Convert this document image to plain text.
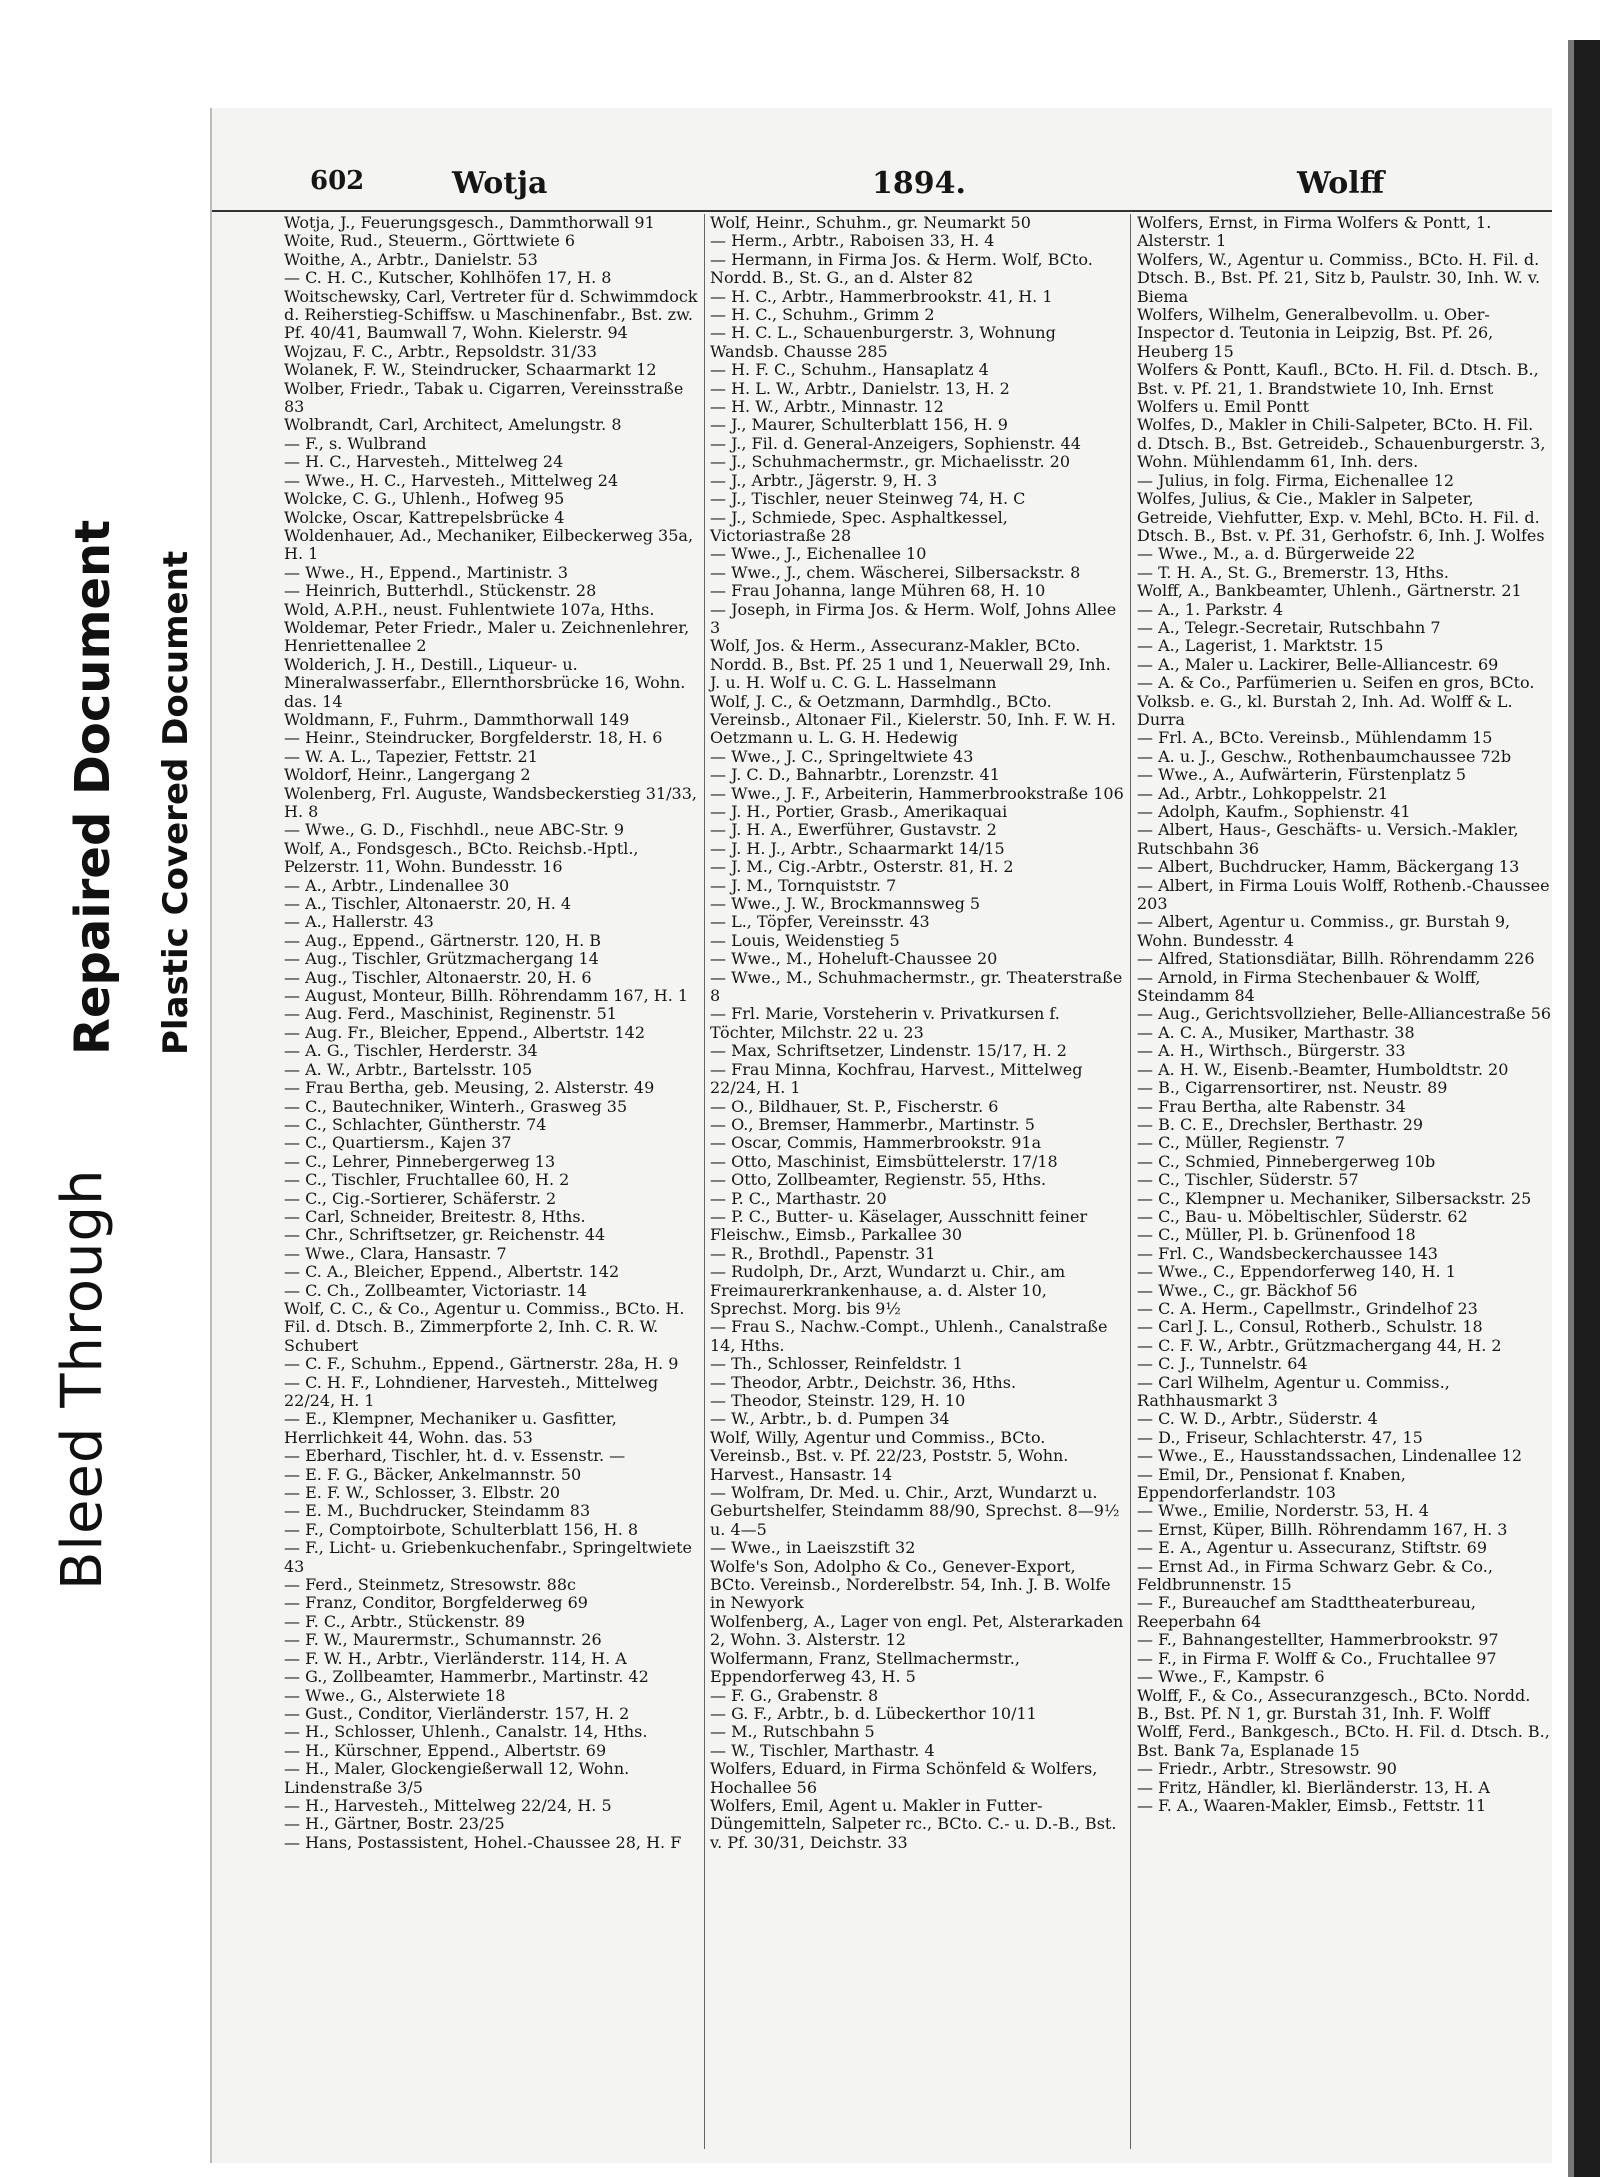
Bleed Through
Repaired Document Plastic Covered Document
602	Wotja	1894.	Wolff
Wotja, J., Feuerungsgesch., Dammthorwall 91
Woite, Rud., Steuerm., Görttwiete 6
Woithe, A., Arbtr., Danielstr. 53
— C. H. C., Kutscher, Kohlhöfen 17, H. 8
Woitschewsky, Carl, Vertreter für d. Schwimmdock d. Reiherstieg-Schiffsw. u Maschinenfabr., Bst. zw. Pf. 40/41, Baumwall 7, Wohn. Kielerstr. 94
Wojzau, F. C., Arbtr., Repsoldstr. 31/33
Wolanek, F. W., Steindrucker, Schaarmarkt 12
Wolber, Friedr., Tabak u. Cigarren, Vereinsstraße 83
Wolbrandt, Carl, Architect, Amelungstr. 8
— F., s. Wulbrand
— H. C., Harvesteh., Mittelweg 24
— Wwe., H. C., Harvesteh., Mittelweg 24
Wolcke, C. G., Uhlenh., Hofweg 95
Wolcke, Oscar, Kattrepelsbrücke 4
Woldenhauer, Ad., Mechaniker, Eilbeckerweg 35a, H. 1
— Wwe., H., Eppend., Martinistr. 3
— Heinrich, Butterhdl., Stückenstr. 28
Wold, A.P.H., neust. Fuhlentwiete 107a, Hths.
Woldemar, Peter Friedr., Maler u. Zeichnenlehrer, Henriettenallee 2
Wolderich, J. H., Destill., Liqueur- u. Mineralwasserfabr., Ellernthorsbrücke 16, Wohn. das. 14
Woldmann, F., Fuhrm., Dammthorwall 149
— Heinr., Steindrucker, Borgfelderstr. 18, H. 6
— W. A. L., Tapezier, Fettstr. 21
Woldorf, Heinr., Langergang 2
Wolenberg, Frl. Auguste, Wandsbeckerstieg 31/33, H. 8
— Wwe., G. D., Fischhdl., neue ABC-Str. 9
Wolf, A., Fondsgesch., BCto. Reichsb.-Hptl., Pelzerstr. 11, Wohn. Bundesstr. 16
— A., Arbtr., Lindenallee 30
— A., Tischler, Altonaerstr. 20, H. 4
— A., Hallerstr. 43
— Aug., Eppend., Gärtnerstr. 120, H. B
— Aug., Tischler, Grützmachergang 14
— Aug., Tischler, Altonaerstr. 20, H. 6
— August, Monteur, Billh. Röhrendamm 167, H. 1
— Aug. Ferd., Maschinist, Reginenstr. 51
— Aug. Fr., Bleicher, Eppend., Albertstr. 142
— A. G., Tischler, Herderstr. 34
— A. W., Arbtr., Bartelsstr. 105
— Frau Bertha, geb. Meusing, 2. Alsterstr. 49
— C., Bautechniker, Winterh., Grasweg 35
— C., Schlachter, Güntherstr. 74
— C., Quartiersm., Kajen 37
— C., Lehrer, Pinnebergerweg 13
— C., Tischler, Fruchtallee 60, H. 2
— C., Cig.-Sortierer, Schäferstr. 2
— Carl, Schneider, Breitestr. 8, Hths.
— Chr., Schriftsetzer, gr. Reichenstr. 44
— Wwe., Clara, Hansastr. 7
— C. A., Bleicher, Eppend., Albertstr. 142
— C. Ch., Zollbeamter, Victoriastr. 14
Wolf, C. C., & Co., Agentur u. Commiss., BCto. H. Fil. d. Dtsch. B., Zimmerpforte 2, Inh. C. R. W. Schubert
— C. F., Schuhm., Eppend., Gärtnerstr. 28a, H. 9
— C. H. F., Lohndiener, Harvesteh., Mittelweg 22/24, H. 1
— E., Klempner, Mechaniker u. Gasfitter, Herrlichkeit 44, Wohn. das. 53
— Eberhard, Tischler, ht. d. v. Essenstr. —
— E. F. G., Bäcker, Ankelmannstr. 50
— E. F. W., Schlosser, 3. Elbstr. 20
— E. M., Buchdrucker, Steindamm 83
— F., Comptoirbote, Schulterblatt 156, H. 8
— F., Licht- u. Griebenkuchenfabr., Springeltwiete 43
— Ferd., Steinmetz, Stresowstr. 88c
— Franz, Conditor, Borgfelderweg 69
— F. C., Arbtr., Stückenstr. 89
— F. W., Maurermstr., Schumannstr. 26
— F. W. H., Arbtr., Vierländerstr. 114, H. A
— G., Zollbeamter, Hammerbr., Martinstr. 42
— Wwe., G., Alsterwiete 18
— Gust., Conditor, Vierländerstr. 157, H. 2
— H., Schlosser, Uhlenh., Canalstr. 14, Hths.
— H., Kürschner, Eppend., Albertstr. 69
— H., Maler, Glockengießerwall 12, Wohn. Lindenstraße 3/5
— H., Harvesteh., Mittelweg 22/24, H. 5
— H., Gärtner, Bostr. 23/25
— Hans, Postassistent, Hohel.-Chaussee 28, H. F
Wolf, Heinr., Schuhm., gr. Neumarkt 50
— Herm., Arbtr., Raboisen 33, H. 4
— Hermann, in Firma Jos. & Herm. Wolf, BCto. Nordd. B., St. G., an d. Alster 82
— H. C., Arbtr., Hammerbrookstr. 41, H. 1
— H. C., Schuhm., Grimm 2
— H. C. L., Schauenburgerstr. 3, Wohnung Wandsb. Chausse 285
— H. F. C., Schuhm., Hansaplatz 4
— H. L. W., Arbtr., Danielstr. 13, H. 2
— H. W., Arbtr., Minnastr. 12
— J., Maurer, Schulterblatt 156, H. 9
— J., Fil. d. General-Anzeigers, Sophienstr. 44
— J., Schuhmachermstr., gr. Michaelisstr. 20
— J., Arbtr., Jägerstr. 9, H. 3
— J., Tischler, neuer Steinweg 74, H. C
— J., Schmiede, Spec. Asphaltkessel, Victoriastraße 28
— Wwe., J., Eichenallee 10
— Wwe., J., chem. Wäscherei, Silbersackstr. 8
— Frau Johanna, lange Mühren 68, H. 10
— Joseph, in Firma Jos. & Herm. Wolf, Johns Allee 3
Wolf, Jos. & Herm., Assecuranz-Makler, BCto. Nordd. B., Bst. Pf. 25 1 und 1, Neuerwall 29, Inh. J. u. H. Wolf u. C. G. L. Hasselmann
Wolf, J. C., & Oetzmann, Darmhdlg., BCto. Vereinsb., Altonaer Fil., Kielerstr. 50, Inh. F. W. H. Oetzmann u. L. G. H. Hedewig
— Wwe., J. C., Springeltwiete 43
— J. C. D., Bahnarbtr., Lorenzstr. 41
— Wwe., J. F., Arbeiterin, Hammerbrookstraße 106
— J. H., Portier, Grasb., Amerikaquai
— J. H. A., Ewerführer, Gustavstr. 2
— J. H. J., Arbtr., Schaarmarkt 14/15
— J. M., Cig.-Arbtr., Osterstr. 81, H. 2
— J. M., Tornquiststr. 7
— Wwe., J. W., Brockmannsweg 5
— L., Töpfer, Vereinsstr. 43
— Louis, Weidenstieg 5
— Wwe., M., Hoheluft-Chaussee 20
— Wwe., M., Schuhmachermstr., gr. Theaterstraße 8
— Frl. Marie, Vorsteherin v. Privatkursen f. Töchter, Milchstr. 22 u. 23
— Max, Schriftsetzer, Lindenstr. 15/17, H. 2
— Frau Minna, Kochfrau, Harvest., Mittelweg 22/24, H. 1
— O., Bildhauer, St. P., Fischerstr. 6
— O., Bremser, Hammerbr., Martinstr. 5
— Oscar, Commis, Hammerbrookstr. 91a
— Otto, Maschinist, Eimsbüttelerstr. 17/18
— Otto, Zollbeamter, Regienstr. 55, Hths.
— P. C., Marthastr. 20
— P. C., Butter- u. Käselager, Ausschnitt feiner Fleischw., Eimsb., Parkallee 30
— R., Brothdl., Papenstr. 31
— Rudolph, Dr., Arzt, Wundarzt u. Chir., am Freimaurerkrankenhause, a. d. Alster 10, Sprechst. Morg. bis 9½
— Frau S., Nachw.-Compt., Uhlenh., Canalstraße 14, Hths.
— Th., Schlosser, Reinfeldstr. 1
— Theodor, Arbtr., Deichstr. 36, Hths.
— Theodor, Steinstr. 129, H. 10
— W., Arbtr., b. d. Pumpen 34
Wolf, Willy, Agentur und Commiss., BCto. Vereinsb., Bst. v. Pf. 22/23, Poststr. 5, Wohn. Harvest., Hansastr. 14
— Wolfram, Dr. Med. u. Chir., Arzt, Wundarzt u. Geburtshelfer, Steindamm 88/90, Sprechst. 8—9½ u. 4—5
— Wwe., in Laeiszstift 32
Wolfe's Son, Adolpho & Co., Genever-Export, BCto. Vereinsb., Norderelbstr. 54, Inh. J. B. Wolfe in Newyork
Wolfenberg, A., Lager von engl. Pet, Alsterarkaden 2, Wohn. 3. Alsterstr. 12
Wolfermann, Franz, Stellmachermstr., Eppendorferweg 43, H. 5
— F. G., Grabenstr. 8
— G. F., Arbtr., b. d. Lübeckerthor 10/11
— M., Rutschbahn 5
— W., Tischler, Marthastr. 4
Wolfers, Eduard, in Firma Schönfeld & Wolfers, Hochallee 56
Wolfers, Emil, Agent u. Makler in Futter-Düngemitteln, Salpeter rc., BCto. C.- u. D.-B., Bst. v. Pf. 30/31, Deichstr. 33
Wolfers, Ernst, in Firma Wolfers & Pontt, 1. Alsterstr. 1
Wolfers, W., Agentur u. Commiss., BCto. H. Fil. d. Dtsch. B., Bst. Pf. 21, Sitz b, Paulstr. 30, Inh. W. v. Biema
Wolfers, Wilhelm, Generalbevollm. u. Ober-Inspector d. Teutonia in Leipzig, Bst. Pf. 26, Heuberg 15
Wolfers & Pontt, Kaufl., BCto. H. Fil. d. Dtsch. B., Bst. v. Pf. 21, 1. Brandstwiete 10, Inh. Ernst Wolfers u. Emil Pontt
Wolfes, D., Makler in Chili-Salpeter, BCto. H. Fil. d. Dtsch. B., Bst. Getreideb., Schauenburgerstr. 3, Wohn. Mühlendamm 61, Inh. ders.
— Julius, in folg. Firma, Eichenallee 12
Wolfes, Julius, & Cie., Makler in Salpeter, Getreide, Viehfutter, Exp. v. Mehl, BCto. H. Fil. d. Dtsch. B., Bst. v. Pf. 31, Gerhofstr. 6, Inh. J. Wolfes
— Wwe., M., a. d. Bürgerweide 22
— T. H. A., St. G., Bremerstr. 13, Hths.
Wolff, A., Bankbeamter, Uhlenh., Gärtnerstr. 21
— A., 1. Parkstr. 4
— A., Telegr.-Secretair, Rutschbahn 7
— A., Lagerist, 1. Marktstr. 15
— A., Maler u. Lackirer, Belle-Alliancestr. 69
— A. & Co., Parfümerien u. Seifen en gros, BCto. Volksb. e. G., kl. Burstah 2, Inh. Ad. Wolff & L. Durra
— Frl. A., BCto. Vereinsb., Mühlendamm 15
— A. u. J., Geschw., Rothenbaumchaussee 72b
— Wwe., A., Aufwärterin, Fürstenplatz 5
— Ad., Arbtr., Lohkoppelstr. 21
— Adolph, Kaufm., Sophienstr. 41
— Albert, Haus-, Geschäfts- u. Versich.-Makler, Rutschbahn 36
— Albert, Buchdrucker, Hamm, Bäckergang 13
— Albert, in Firma Louis Wolff, Rothenb.-Chaussee 203
— Albert, Agentur u. Commiss., gr. Burstah 9, Wohn. Bundesstr. 4
— Alfred, Stationsdiätar, Billh. Röhrendamm 226
— Arnold, in Firma Stechenbauer & Wolff, Steindamm 84
— Aug., Gerichtsvollzieher, Belle-Alliancestraße 56
— A. C. A., Musiker, Marthastr. 38
— A. H., Wirthsch., Bürgerstr. 33
— A. H. W., Eisenb.-Beamter, Humboldtstr. 20
— B., Cigarrensortirer, nst. Neustr. 89
— Frau Bertha, alte Rabenstr. 34
— B. C. E., Drechsler, Berthastr. 29
— C., Müller, Regienstr. 7
— C., Schmied, Pinnebergerweg 10b
— C., Tischler, Süderstr. 57
— C., Klempner u. Mechaniker, Silbersackstr. 25
— C., Bau- u. Möbeltischler, Süderstr. 62
— C., Müller, Pl. b. Grünenfood 18
— Frl. C., Wandsbeckerchaussee 143
— Wwe., C., Eppendorferweg 140, H. 1
— Wwe., C., gr. Bäckhof 56
— C. A. Herm., Capellmstr., Grindelhof 23
— Carl J. L., Consul, Rotherb., Schulstr. 18
— C. F. W., Arbtr., Grützmachergang 44, H. 2
— C. J., Tunnelstr. 64
— Carl Wilhelm, Agentur u. Commiss., Rathhausmarkt 3
— C. W. D., Arbtr., Süderstr. 4
— D., Friseur, Schlachterstr. 47, 15
— Wwe., E., Hausstandssachen, Lindenallee 12
— Emil, Dr., Pensionat f. Knaben, Eppendorferlandstr. 103
— Wwe., Emilie, Norderstr. 53, H. 4
— Ernst, Küper, Billh. Röhrendamm 167, H. 3
— E. A., Agentur u. Assecuranz, Stiftstr. 69
— Ernst Ad., in Firma Schwarz Gebr. & Co., Feldbrunnenstr. 15
— F., Bureauchef am Stadttheaterbureau, Reeperbahn 64
— F., Bahnangestellter, Hammerbrookstr. 97
— F., in Firma F. Wolff & Co., Fruchtallee 97
— Wwe., F., Kampstr. 6
Wolff, F., & Co., Assecuranzgesch., BCto. Nordd. B., Bst. Pf. N 1, gr. Burstah 31, Inh. F. Wolff
Wolff, Ferd., Bankgesch., BCto. H. Fil. d. Dtsch. B., Bst. Bank 7a, Esplanade 15
— Friedr., Arbtr., Stresowstr. 90
— Fritz, Händler, kl. Bierländerstr. 13, H. A
— F. A., Waaren-Makler, Eimsb., Fettstr. 11
